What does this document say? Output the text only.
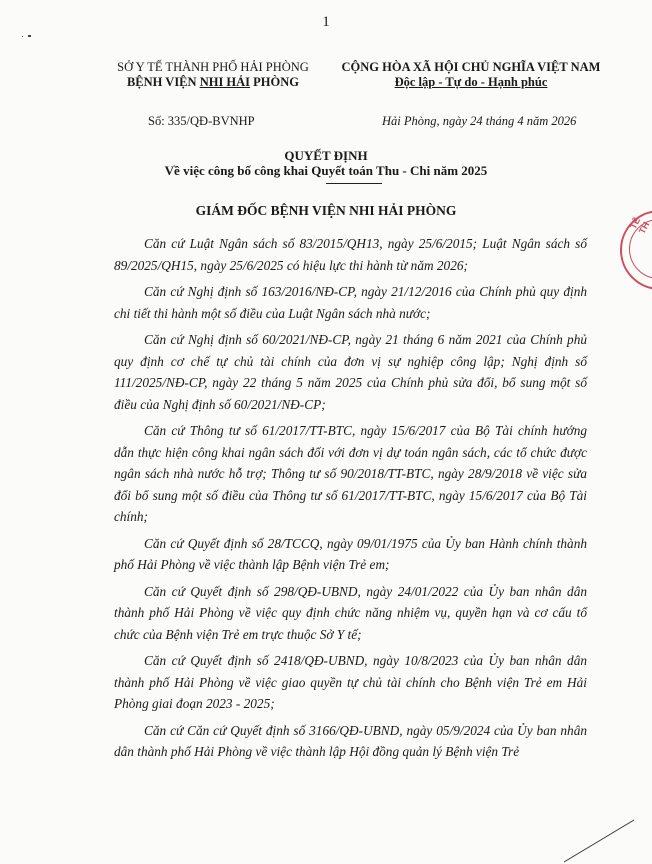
1
SỞ Y TẾ THÀNH PHỐ HẢI PHÒNG
BỆNH VIỆN NHI HẢI PHÒNG
CỘNG HÒA XÃ HỘI CHỦ NGHĨA VIỆT NAM
Độc lập - Tự do - Hạnh phúc
Số: 335/QĐ-BVNHP	Hải Phòng, ngày 24 tháng 4 năm 2026
QUYẾT ĐỊNH
Về việc công bố công khai Quyết toán Thu - Chi năm 2025
GIÁM ĐỐC BỆNH VIỆN NHI HẢI PHÒNG

Căn cứ Luật Ngân sách số 83/2015/QH13, ngày 25/6/2015; Luật Ngân sách số 89/2025/QH15, ngày 25/6/2025 có hiệu lực thi hành từ năm 2026;

Căn cứ Nghị định số 163/2016/NĐ-CP, ngày 21/12/2016 của Chính phủ quy định chi tiết thi hành một số điều của Luật Ngân sách nhà nước;

Căn cứ Nghị định số 60/2021/NĐ-CP, ngày 21 tháng 6 năm 2021 của Chính phủ quy định cơ chế tự chủ tài chính của đơn vị sự nghiệp công lập; Nghị định số 111/2025/NĐ-CP, ngày 22 tháng 5 năm 2025 của Chính phủ sửa đổi, bổ sung một số điều của Nghị định số 60/2021/NĐ-CP;

Căn cứ Thông tư số 61/2017/TT-BTC, ngày 15/6/2017 của Bộ Tài chính hướng dẫn thực hiện công khai ngân sách đối với đơn vị dự toán ngân sách, các tổ chức được ngân sách nhà nước hỗ trợ; Thông tư số 90/2018/TT-BTC, ngày 28/9/2018 về việc sửa đổi bổ sung một số điều của Thông tư số 61/2017/TT-BTC, ngày 15/6/2017 của Bộ Tài chính;

Căn cứ Quyết định số 28/TCCQ, ngày 09/01/1975 của Ủy ban Hành chính thành phố Hải Phòng về việc thành lập Bệnh viện Trẻ em;

Căn cứ Quyết định số 298/QĐ-UBND, ngày 24/01/2022 của Ủy ban nhân dân thành phố Hải Phòng về việc quy định chức năng nhiệm vụ, quyền hạn và cơ cấu tổ chức của Bệnh viện Trẻ em trực thuộc Sở Y tế;

Căn cứ Quyết định số 2418/QĐ-UBND, ngày 10/8/2023 của Ủy ban nhân dân thành phố Hải Phòng về việc giao quyền tự chủ tài chính cho Bệnh viện Trẻ em Hải Phòng giai đoạn 2023 - 2025;

Căn cứ Căn cứ Quyết định số 3166/QĐ-UBND, ngày 05/9/2024 của Ủy ban nhân dân thành phố Hải Phòng về việc thành lập Hội đồng quản lý Bệnh viện Trẻ

TẾ TH
